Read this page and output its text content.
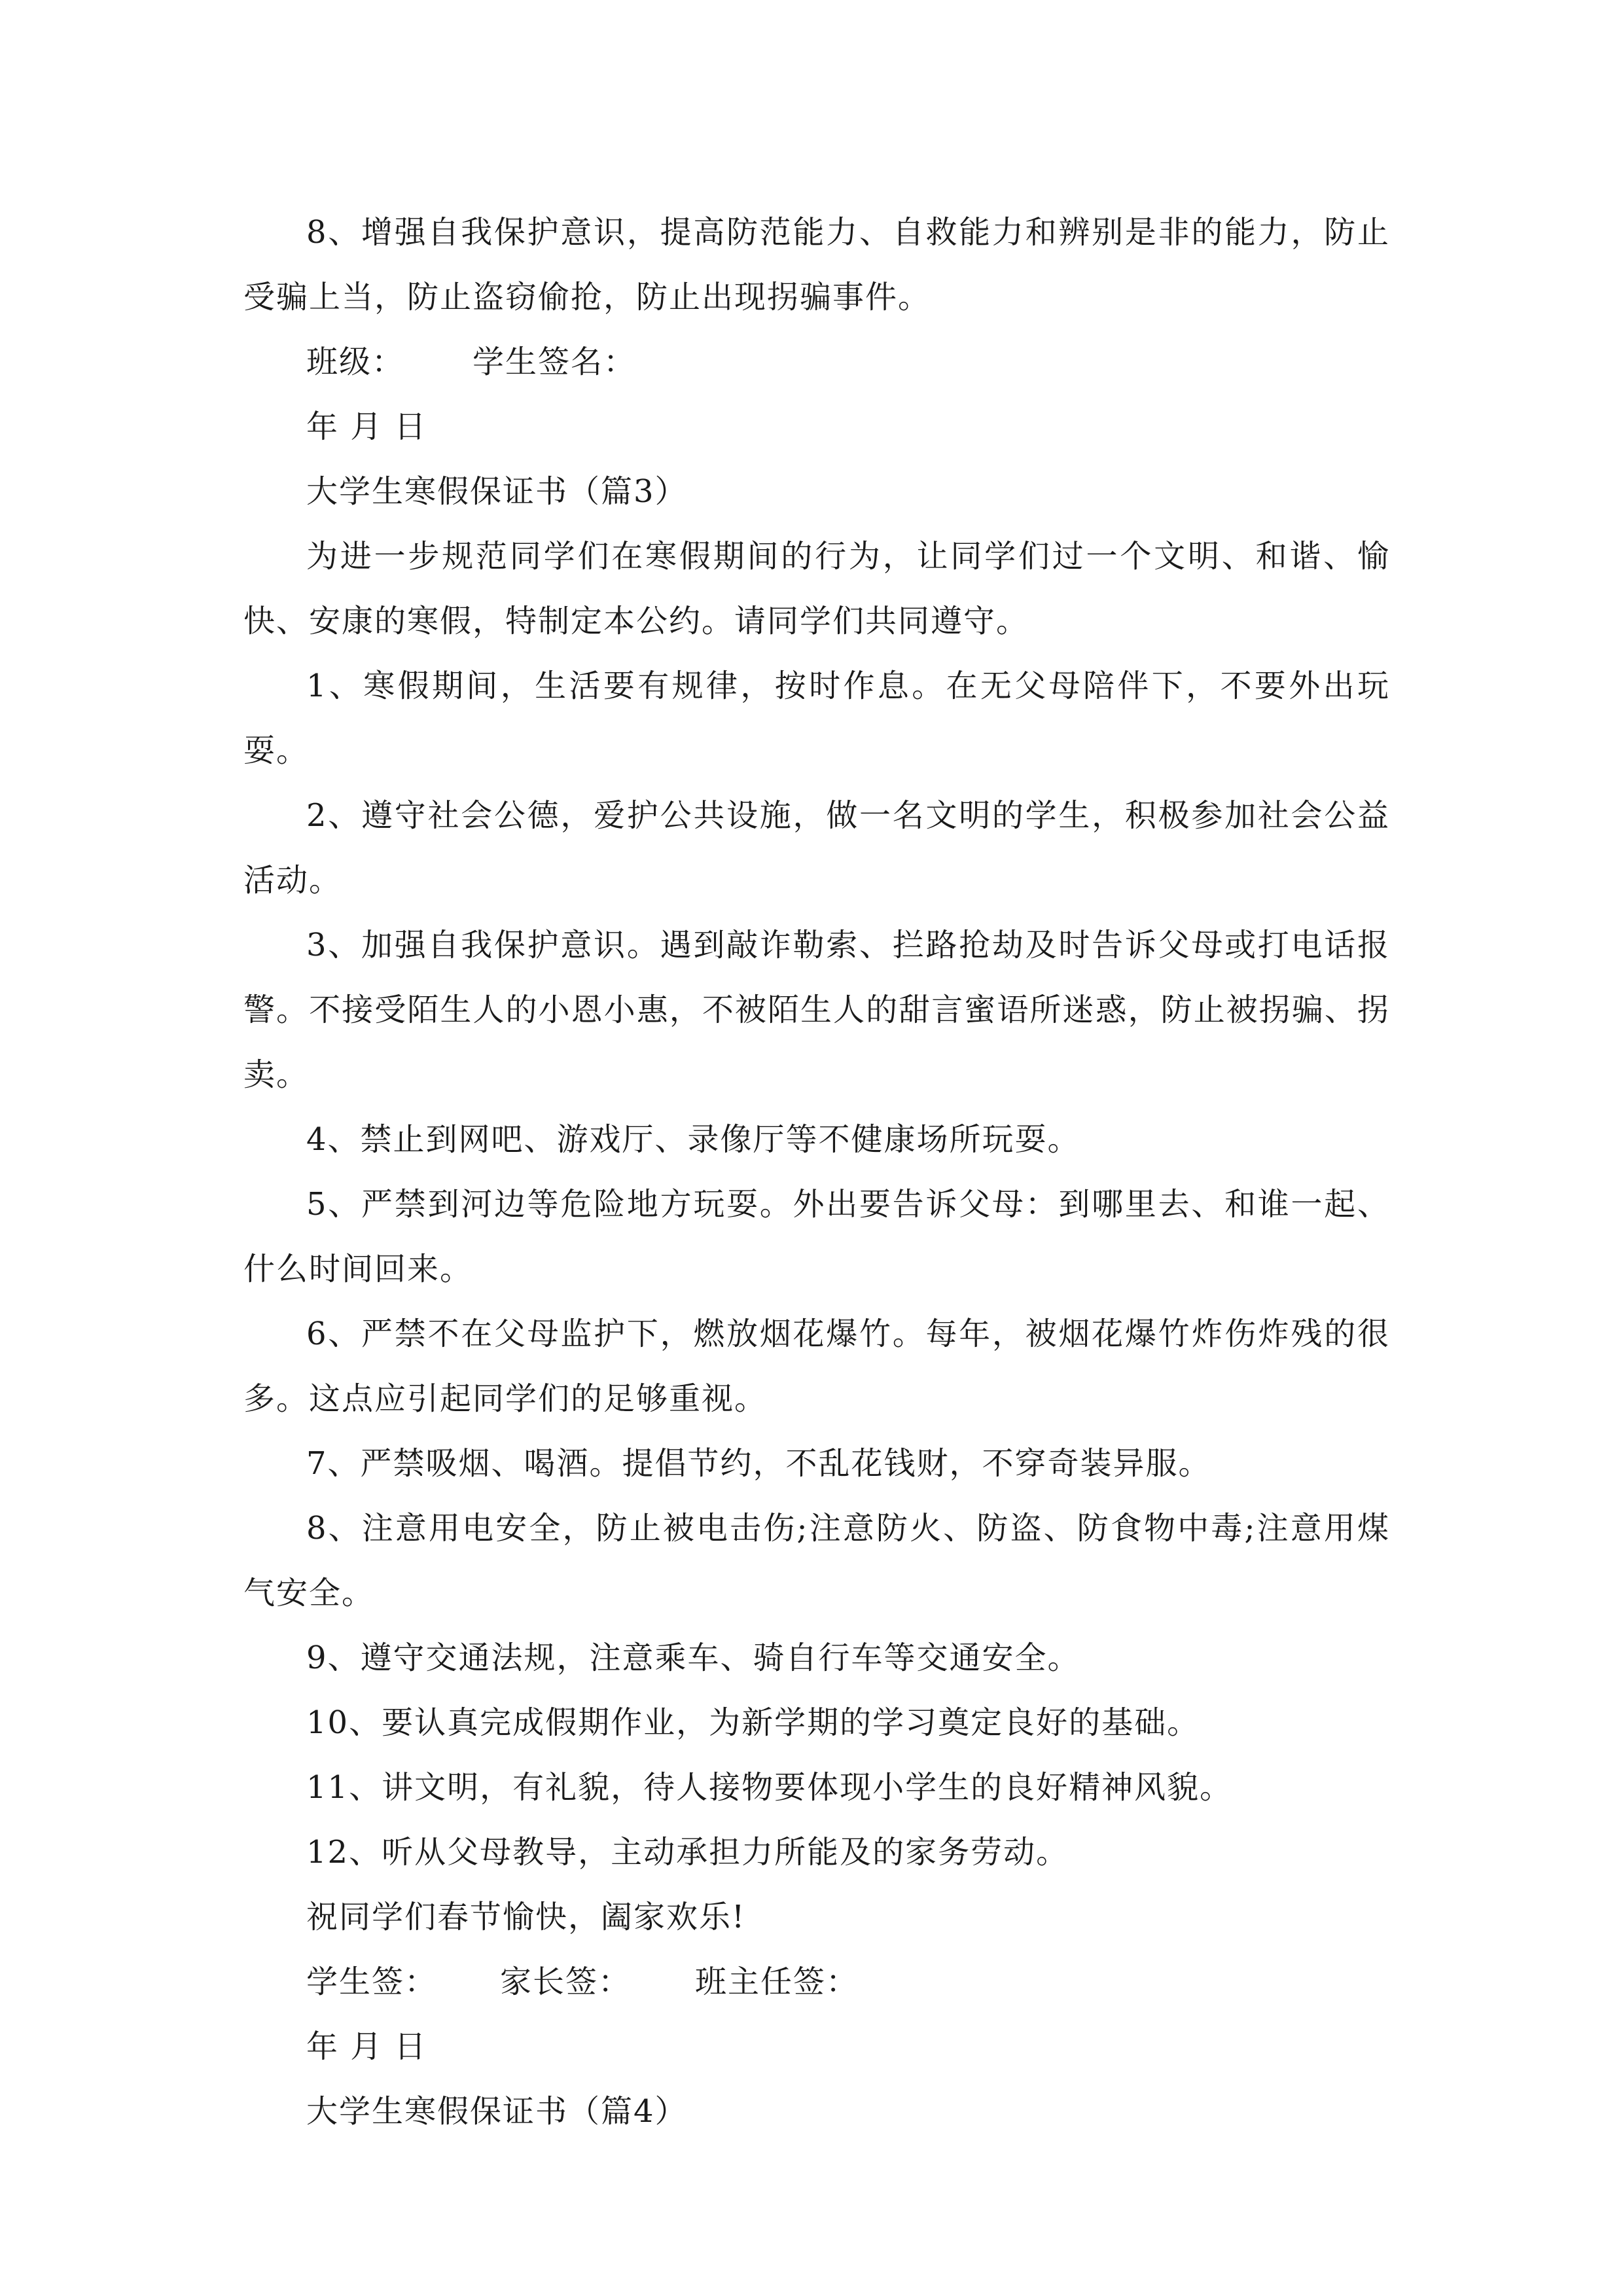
8、增强自我保护意识，提高防范能力、自救能力和辨别是非的能力，防止受骗上当，防止盗窃偷抢，防止出现拐骗事件。

班级： 学生签名：

年 月 日

大学生寒假保证书（篇3）

为进一步规范同学们在寒假期间的行为，让同学们过一个文明、和谐、愉快、安康的寒假，特制定本公约。请同学们共同遵守。

1、寒假期间，生活要有规律，按时作息。在无父母陪伴下，不要外出玩耍。

2、遵守社会公德，爱护公共设施，做一名文明的学生，积极参加社会公益活动。

3、加强自我保护意识。遇到敲诈勒索、拦路抢劫及时告诉父母或打电话报警。不接受陌生人的小恩小惠，不被陌生人的甜言蜜语所迷惑，防止被拐骗、拐卖。

4、禁止到网吧、游戏厅、录像厅等不健康场所玩耍。

5、严禁到河边等危险地方玩耍。外出要告诉父母：到哪里去、和谁一起、什么时间回来。

6、严禁不在父母监护下，燃放烟花爆竹。每年，被烟花爆竹炸伤炸残的很多。这点应引起同学们的足够重视。

7、严禁吸烟、喝酒。提倡节约，不乱花钱财，不穿奇装异服。

8、注意用电安全，防止被电击伤;注意防火、防盗、防食物中毒;注意用煤气安全。

9、遵守交通法规，注意乘车、骑自行车等交通安全。

10、要认真完成假期作业，为新学期的学习奠定良好的基础。

11、讲文明，有礼貌，待人接物要体现小学生的良好精神风貌。

12、听从父母教导，主动承担力所能及的家务劳动。

祝同学们春节愉快，阖家欢乐!

学生签： 家长签： 班主任签：

年 月 日

大学生寒假保证书（篇4）
